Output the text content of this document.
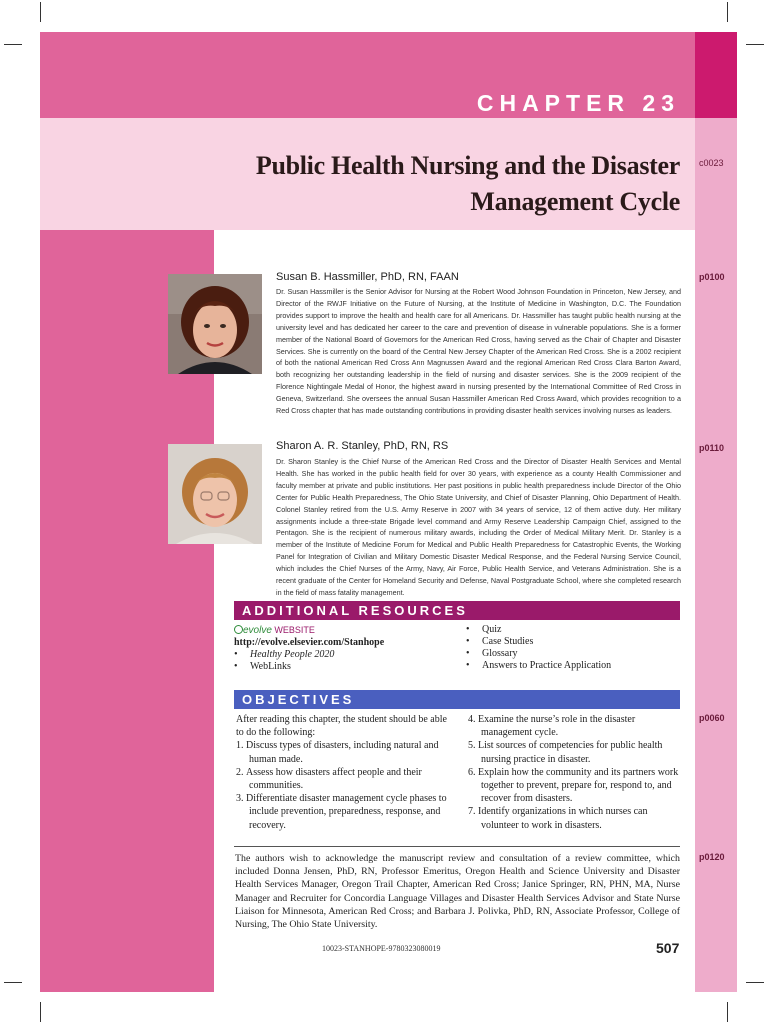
CHAPTER 23
Public Health Nursing and the Disaster
Management Cycle
c0023
Susan B. Hassmiller, PhD, RN, FAAN	p0100
Dr. Susan Hassmiller is the Senior Advisor for Nursing at the Robert Wood Johnson Foundation in Princeton, New Jersey, and Director of the RWJF Initiative on the Future of Nursing, at the Institute of Medicine in Washington, D.C. The Foundation provides support to improve the health and health care for all Americans. Dr. Hassmiller has taught public health nursing at the university level and has dedicated her career to the care and prevention of disease in vulnerable populations. She is a former member of the National Board of Governors for the American Red Cross, having served as the Chair of Chapter and Disaster Services. She is currently on the board of the Central New Jersey Chapter of the American Red Cross. She is a 2002 recipient of both the national American Red Cross Ann Magnussen Award and the regional American Red Cross Clara Barton Award, both recognizing her outstanding leadership in the field of nursing and disaster services. She is the 2009 recipient of the Florence Nightingale Medal of Honor, the highest award in nursing presented by the International Committee of Red Cross in Geneva, Switzerland. She oversees the annual Susan Hassmiller American Red Cross Award, which provides recognition to a Red Cross chapter that has made outstanding contributions in providing disaster health services involving nurses as leaders.
Sharon A. R. Stanley, PhD, RN, RS	p0110
Dr. Sharon Stanley is the Chief Nurse of the American Red Cross and the Director of Disaster Health Services and Mental Health. She has worked in the public health field for over 30 years, with experience as a county Health Commissioner and faculty member at private and public institutions. Her past positions in public health preparedness include Director of the Ohio Center for Public Health Preparedness, The Ohio State University, and Chief of Disaster Planning, Ohio Department of Health. Colonel Stanley retired from the U.S. Army Reserve in 2007 with 34 years of service, 12 of them active duty. Her military assignments include a three-state Brigade level command and Army Reserve Leadership Campaign Chief, assigned to the Pentagon. She is the recipient of numerous military awards, including the Order of Medical Military Merit. Dr. Stanley is a member of the Institute of Medicine Forum for Medical and Public Health Preparedness for Catastrophic Events, the Working Panel for Integration of Civilian and Military Domestic Disaster Medical Response, and the Federal Nursing Service Council, which includes the Chief Nurses of the Army, Navy, Air Force, Public Health Service, and Veterans Administration. She is a recent graduate of the Center for Homeland Security and Defense, Naval Postgraduate School, where she completed research in the field of mass fatality management.
ADDITIONAL RESOURCES
evolve WEBSITE
http://evolve.elsevier.com/Stanhope
• Healthy People 2020
• WebLinks
• Quiz
• Case Studies
• Glossary
• Answers to Practice Application
OBJECTIVES
p0060
After reading this chapter, the student should be able to do the following:
1. Discuss types of disasters, including natural and human made.
2. Assess how disasters affect people and their communities.
3. Differentiate disaster management cycle phases to include prevention, preparedness, response, and recovery.
4. Examine the nurse’s role in the disaster management cycle.
5. List sources of competencies for public health nursing practice in disaster.
6. Explain how the community and its partners work together to prevent, prepare for, respond to, and recover from disasters.
7. Identify organizations in which nurses can volunteer to work in disasters.
p0120
The authors wish to acknowledge the manuscript review and consultation of a review committee, which included Donna Jensen, PhD, RN, Professor Emeritus, Oregon Health and Science University and Disaster Health Services Manager, Oregon Trail Chapter, American Red Cross; Janice Springer, RN, PHN, MA, Nurse Manager and Recruiter for Concordia Language Villages and Disaster Health Services Advisor and State Nurse Liaison for Minnesota, American Red Cross; and Barbara J. Polivka, PhD, RN, Associate Professor, College of Nursing, The Ohio State University.
10023-STANHOPE-9780323080019	507
